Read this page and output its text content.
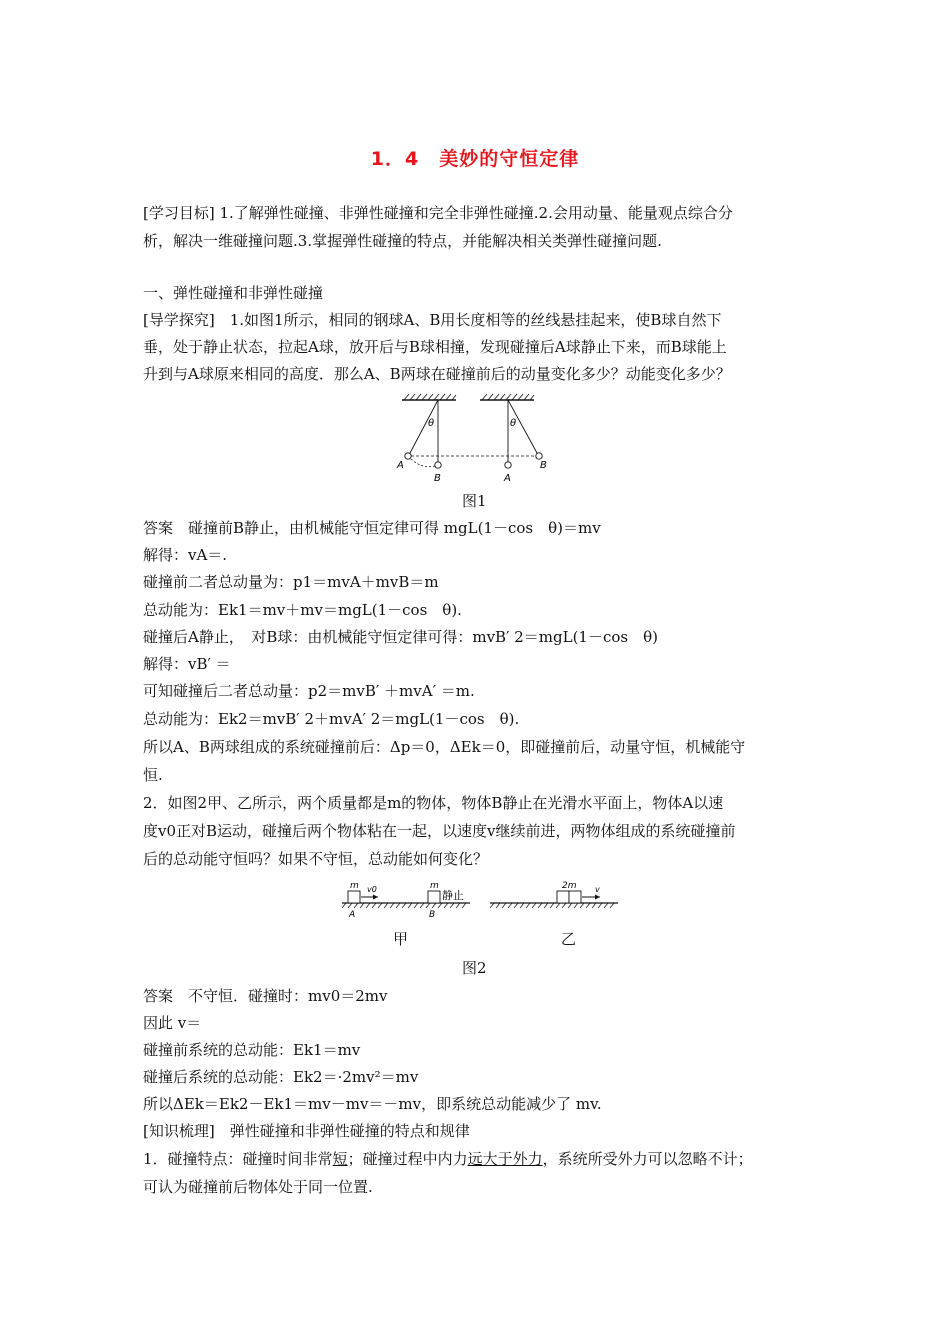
1．4　美妙的守恒定律
[学习目标] 1.了解弹性碰撞、非弹性碰撞和完全非弹性碰撞.2.会用动量、能量观点综合分
析，解决一维碰撞问题.3.掌握弹性碰撞的特点，并能解决相关类弹性碰撞问题.
一、弹性碰撞和非弹性碰撞
[导学探究]　1.如图1所示，相同的钢球A、B用长度相等的丝线悬挂起来，使B球自然下
垂，处于静止状态，拉起A球，放开后与B球相撞，发现碰撞后A球静止下来，而B球能上
升到与A球原来相同的高度．那么A、B两球在碰撞前后的动量变化多少？动能变化多少？
θ	θ
A
B	A
B
图1
答案　碰撞前B静止，由机械能守恒定律可得 mgL(1－cos　θ)＝mv
解得：vA＝.
碰撞前二者总动量为：p1＝mvA＋mvB＝m
总动能为：Ek1＝mv＋mv＝mgL(1－cos　θ).
碰撞后A静止，　对B球：由机械能守恒定律可得：mvB′ 2＝mgL(1－cos　θ)
解得：vB′ ＝
可知碰撞后二者总动量：p2＝mvB′ ＋mvA′ ＝m.
总动能为：Ek2＝mvB′ 2＋mvA′ 2＝mgL(1－cos　θ).
所以A、B两球组成的系统碰撞前后：Δp＝0，ΔEk＝0，即碰撞前后，动量守恒，机械能守
恒.
2．如图2甲、乙所示，两个质量都是m的物体，物体B静止在光滑水平面上，物体A以速
度v0正对B运动，碰撞后两个物体粘在一起，以速度v继续前进，两物体组成的系统碰撞前
后的总动能守恒吗？如果不守恒，总动能如何变化？
m v0
A
m
静止
B
2m v
甲	乙
图2
答案　不守恒．碰撞时：mv0＝2mv
因此 v＝
碰撞前系统的总动能：Ek1＝mv
碰撞后系统的总动能：Ek2＝·2mv²＝mv
所以ΔEk＝Ek2－Ek1＝mv－mv＝－mv，即系统总动能减少了 mv.
[知识梳理]　弹性碰撞和非弹性碰撞的特点和规律
1．碰撞特点：碰撞时间非常短；碰撞过程中内力远大于外力，系统所受外力可以忽略不计；
可认为碰撞前后物体处于同一位置.
